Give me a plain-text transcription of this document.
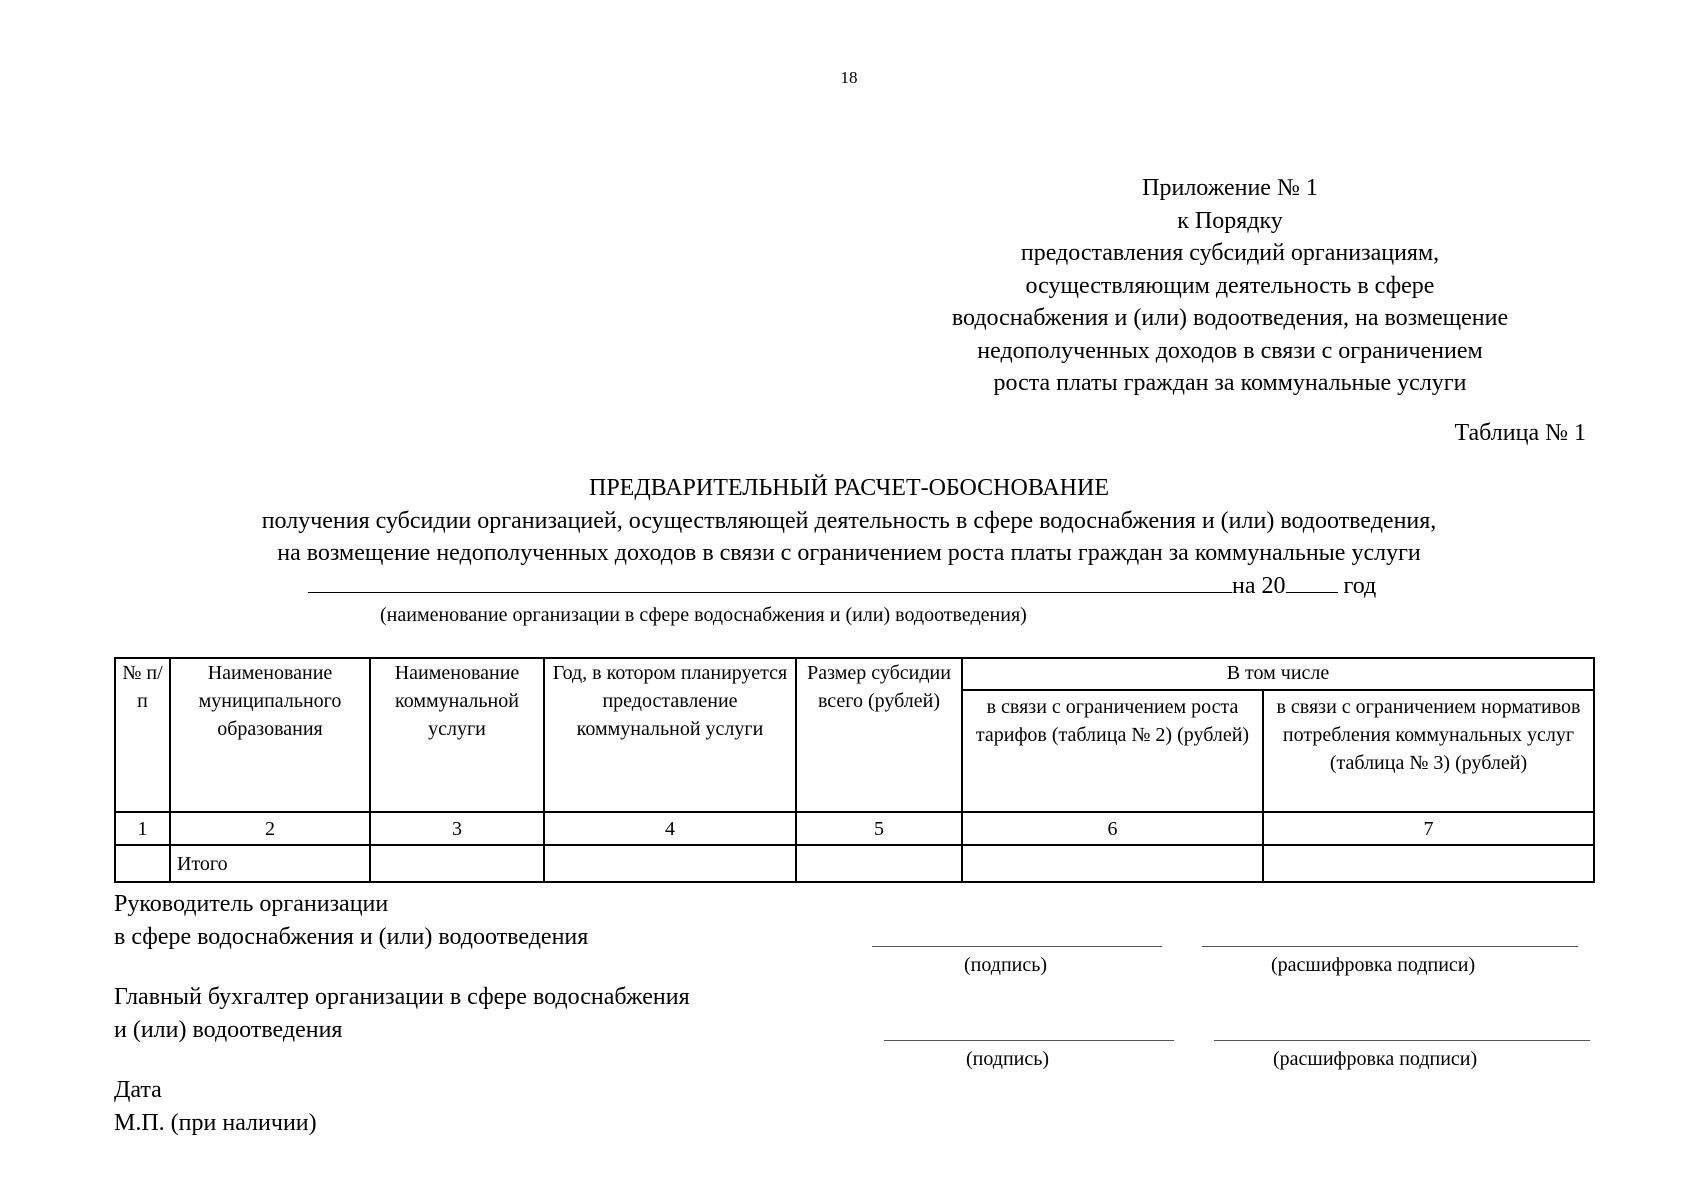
18
Приложение № 1
к Порядку
предоставления субсидий организациям,
осуществляющим деятельность в сфере
водоснабжения и (или) водоотведения, на возмещение
недополученных доходов в связи с ограничением
роста платы граждан за коммунальные услуги
Таблица № 1
ПРЕДВАРИТЕЛЬНЫЙ РАСЧЕТ-ОБОСНОВАНИЕ
получения субсидии организацией, осуществляющей деятельность в сфере водоснабжения и (или) водоотведения,
на возмещение недополученных доходов в связи с ограничением роста платы граждан за коммунальные услуги
на 20 год
(наименование организации в сфере водоснабжения и (или) водоотведения)
№ п/п	Наименование муниципального образования	Наименование коммунальной услуги	Год, в котором планируется предоставление коммунальной услуги	Размер субсидии всего (рублей)	В том числе	
					в связи с ограничением роста тарифов (таблица № 2) (рублей)	в связи с ограничением нормативов потребления коммунальных услуг (таблица № 3) (рублей)
1	2	3	4	5	6	7
	Итого					
Руководитель организации
в сфере водоснабжения и (или) водоотведения
(подпись)	(расшифровка подписи)
Главный бухгалтер организации в сфере водоснабжения
и (или) водоотведения
(подпись)	(расшифровка подписи)
Дата
М.П. (при наличии)
